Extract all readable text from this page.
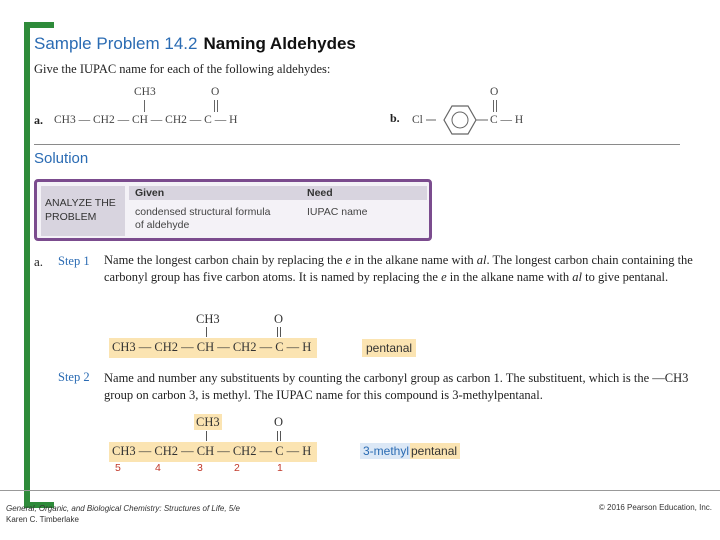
Sample Problem 14.2 Naming Aldehydes
Give the IUPAC name for each of the following aldehydes:
a.
CH3	O
CH3 — CH2 — CH — CH2 — C — H	b. Cl
O
C — H
Solution
ANALYZE THE
PROBLEM
Given	Need
condensed structural formula
of aldehyde
IUPAC name
a. Step 1 Name the longest carbon chain by replacing the e in the alkane name with al. The longest carbon chain containing the carbonyl group has five carbon atoms. It is named by replacing the e in the alkane name with al to give pentanal.
CH3	O
CH3 — CH2 — CH — CH2 — C — H	pentanal
Step 2 Name and number any substituents by counting the carbonyl group as carbon 1. The substituent, which is the —CH3 group on carbon 3, is methyl. The IUPAC name for this compound is 3-methylpentanal.
CH3	O
CH3 — CH2 — CH — CH2 — C — H
5	4	3	2	1
3-methyl pentanal
General, Organic, and Biological Chemistry: Structures of Life, 5/e
Karen C. Timberlake
© 2016 Pearson Education, Inc.
